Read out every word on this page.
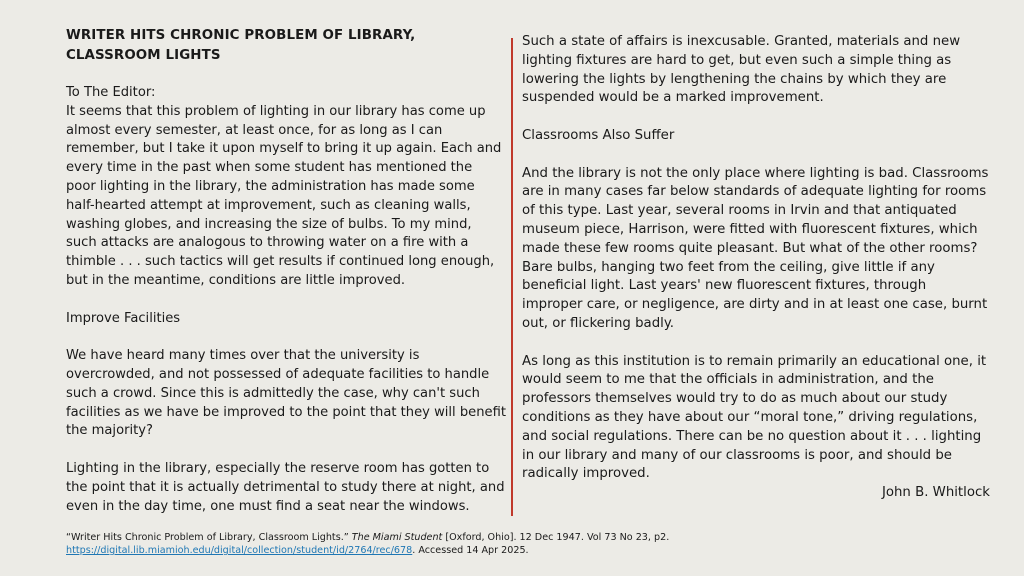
WRITER HITS CHRONIC PROBLEM OF LIBRARY, CLASSROOM LIGHTS
To The Editor:
It seems that this problem of lighting in our library has come up almost every semester, at least once, for as long as I can remember, but I take it upon myself to bring it up again. Each and every time in the past when some student has mentioned the poor lighting in the library, the administration has made some half-hearted attempt at improvement, such as cleaning walls, washing globes, and increasing the size of bulbs. To my mind, such attacks are analogous to throwing water on a fire with a thimble . . . such tactics will get results if continued long enough, but in the meantime, conditions are little improved.
Improve Facilities
We have heard many times over that the university is overcrowded, and not possessed of adequate facilities to handle such a crowd. Since this is admittedly the case, why can't such facilities as we have be improved to the point that they will benefit the majority?
Lighting in the library, especially the reserve room has gotten to the point that it is actually detrimental to study there at night, and even in the day time, one must find a seat near the windows.
Such a state of affairs is inexcusable. Granted, materials and new lighting fixtures are hard to get, but even such a simple thing as lowering the lights by lengthening the chains by which they are suspended would be a marked improvement.
Classrooms Also Suffer
And the library is not the only place where lighting is bad. Classrooms are in many cases far below standards of adequate lighting for rooms of this type. Last year, several rooms in Irvin and that antiquated museum piece, Harrison, were fitted with fluorescent fixtures, which made these few rooms quite pleasant. But what of the other rooms? Bare bulbs, hanging two feet from the ceiling, give little if any beneficial light. Last years' new fluorescent fixtures, through improper care, or negligence, are dirty and in at least one case, burnt out, or flickering badly.
As long as this institution is to remain primarily an educational one, it would seem to me that the officials in administration, and the professors themselves would try to do as much about our study conditions as they have about our “moral tone,” driving regulations, and social regulations. There can be no question about it . . . lighting in our library and many of our classrooms is poor, and should be radically improved.
John B. Whitlock
“Writer Hits Chronic Problem of Library, Classroom Lights.” The Miami Student [Oxford, Ohio]. 12 Dec 1947. Vol 73 No 23, p2. https://digital.lib.miamioh.edu/digital/collection/student/id/2764/rec/678. Accessed 14 Apr 2025.
